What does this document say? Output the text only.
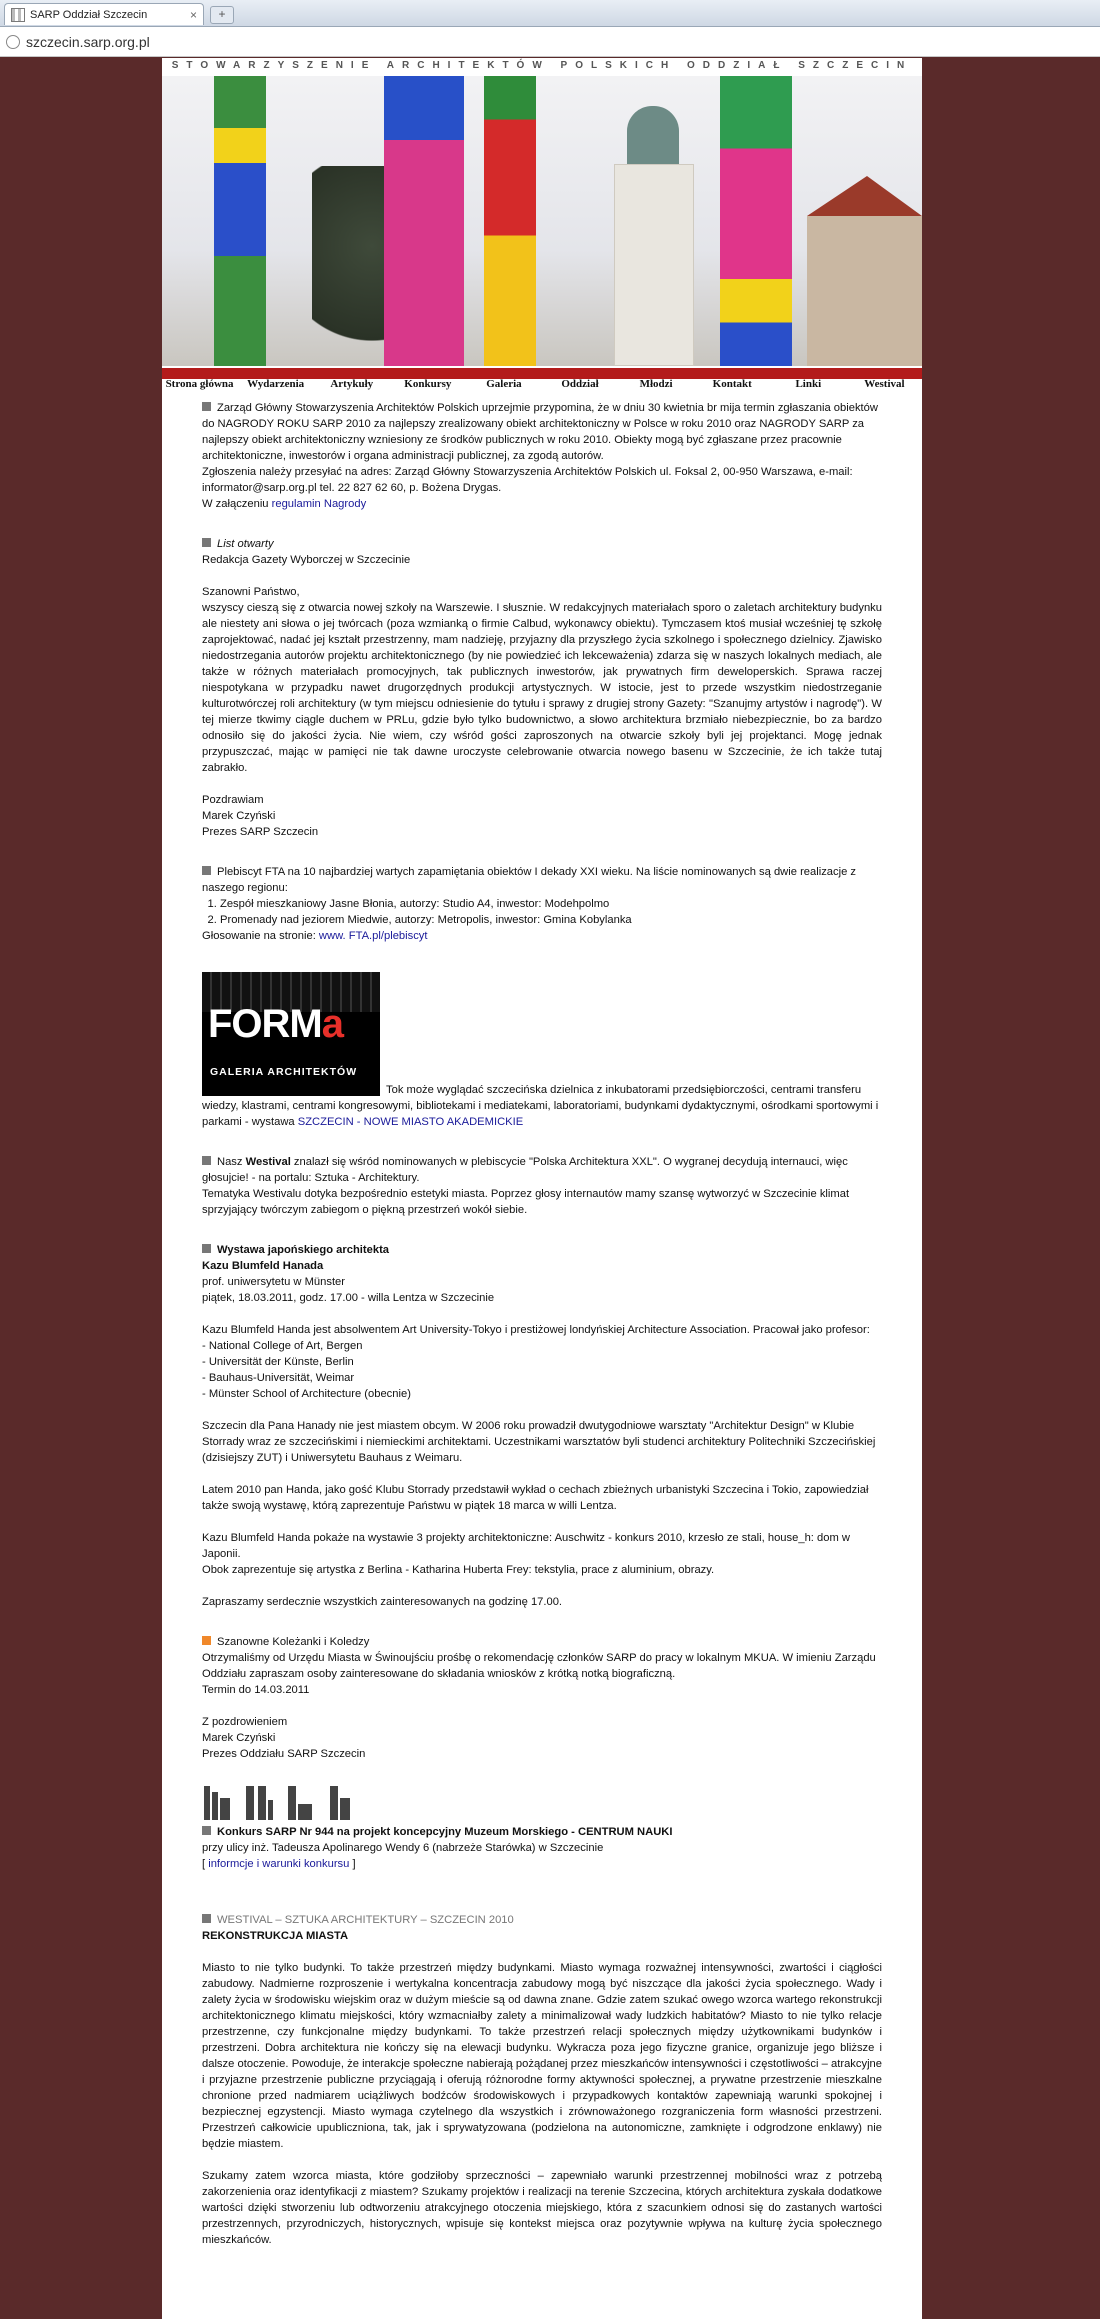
SARP Oddział Szczecin	×	+
szczecin.sarp.org.pl
STOWARZYSZENIE ARCHITEKTÓW POLSKICH ODDZIAŁ SZCZECIN
Strona główna	Wydarzenia	Artykuły	Konkursy	Galeria	Oddział	Młodzi	Kontakt	Linki	Westival

Zarząd Główny Stowarzyszenia Architektów Polskich uprzejmie przypomina, że w dniu 30 kwietnia br mija termin zgłaszania obiektów do NAGRODY ROKU SARP 2010 za najlepszy zrealizowany obiekt architektoniczny w Polsce w roku 2010 oraz NAGRODY SARP za najlepszy obiekt architektoniczny wzniesiony ze środków publicznych w roku 2010. Obiekty mogą być zgłaszane przez pracownie architektoniczne, inwestorów i organa administracji publicznej, za zgodą autorów.

Zgłoszenia należy przesyłać na adres: Zarząd Główny Stowarzyszenia Architektów Polskich ul. Foksal 2, 00-950 Warszawa, e-mail: informator@sarp.org.pl tel. 22 827 62 60, p. Bożena Drygas.

W załączeniu regulamin Nagrody

List otwarty

Redakcja Gazety Wyborczej w Szczecinie

Szanowni Państwo,

wszyscy cieszą się z otwarcia nowej szkoły na Warszewie. I słusznie. W redakcyjnych materiałach sporo o zaletach architektury budynku ale niestety ani słowa o jej twórcach (poza wzmianką o firmie Calbud, wykonawcy obiektu). Tymczasem ktoś musiał wcześniej tę szkołę zaprojektować, nadać jej kształt przestrzenny, mam nadzieję, przyjazny dla przyszłego życia szkolnego i społecznego dzielnicy. Zjawisko niedostrzegania autorów projektu architektonicznego (by nie powiedzieć ich lekceważenia) zdarza się w naszych lokalnych mediach, ale także w różnych materiałach promocyjnych, tak publicznych inwestorów, jak prywatnych firm deweloperskich. Sprawa raczej niespotykana w przypadku nawet drugorzędnych produkcji artystycznych. W istocie, jest to przede wszystkim niedostrzeganie kulturotwórczej roli architektury (w tym miejscu odniesienie do tytułu i sprawy z drugiej strony Gazety: "Szanujmy artystów i nagrodę"). W tej mierze tkwimy ciągle duchem w PRLu, gdzie było tylko budownictwo, a słowo architektura brzmiało niebezpiecznie, bo za bardzo odnosiło się do jakości życia. Nie wiem, czy wśród gości zaproszonych na otwarcie szkoły byli jej projektanci. Mogę jednak przypuszczać, mając w pamięci nie tak dawne uroczyste celebrowanie otwarcia nowego basenu w Szczecinie, że ich także tutaj zabrakło.

Pozdrawiam

Marek Czyński

Prezes SARP Szczecin

Plebiscyt FTA na 10 najbardziej wartych zapamiętania obiektów I dekady XXI wieku. Na liście nominowanych są dwie realizacje z naszego regionu:

1. Zespół mieszkaniowy Jasne Błonia, autorzy: Studio A4, inwestor: Modehpolmo
2. Promenady nad jeziorem Miedwie, autorzy: Metropolis, inwestor: Gmina Kobylanka

Głosowanie na stronie: www. FTA.pl/plebiscyt

FORMa
GALERIA ARCHITEKTÓW

Tok może wyglądać szczecińska dzielnica z inkubatorami przedsiębiorczości, centrami transferu wiedzy, klastrami, centrami kongresowymi, bibliotekami i mediatekami, laboratoriami, budynkami dydaktycznymi, ośrodkami sportowymi i parkami - wystawa SZCZECIN - NOWE MIASTO AKADEMICKIE

Nasz Westival znalazł się wśród nominowanych w plebiscycie "Polska Architektura XXL". O wygranej decydują internauci, więc głosujcie! - na portalu: Sztuka - Architektury.

Tematyka Westivalu dotyka bezpośrednio estetyki miasta. Poprzez głosy internautów mamy szansę wytworzyć w Szczecinie klimat sprzyjający twórczym zabiegom o piękną przestrzeń wokół siebie.

Wystawa japońskiego architekta

Kazu Blumfeld Hanada

prof. uniwersytetu w Münster

piątek, 18.03.2011, godz. 17.00 - willa Lentza w Szczecinie

Kazu Blumfeld Handa jest absolwentem Art University-Tokyo i prestiżowej londyńskiej Architecture Association. Pracował jako profesor:

- National College of Art, Bergen

- Universität der Künste, Berlin

- Bauhaus-Universität, Weimar

- Münster School of Architecture (obecnie)

Szczecin dla Pana Hanady nie jest miastem obcym. W 2006 roku prowadził dwutygodniowe warsztaty "Architektur Design" w Klubie Storrady wraz ze szczecińskimi i niemieckimi architektami. Uczestnikami warsztatów byli studenci architektury Politechniki Szczecińskiej (dzisiejszy ZUT) i Uniwersytetu Bauhaus z Weimaru.

Latem 2010 pan Handa, jako gość Klubu Storrady przedstawił wykład o cechach zbieżnych urbanistyki Szczecina i Tokio, zapowiedział także swoją wystawę, którą zaprezentuje Państwu w piątek 18 marca w willi Lentza.

Kazu Blumfeld Handa pokaże na wystawie 3 projekty architektoniczne: Auschwitz - konkurs 2010, krzesło ze stali, house_h: dom w Japonii.

Obok zaprezentuje się artystka z Berlina - Katharina Huberta Frey: tekstylia, prace z aluminium, obrazy.

Zapraszamy serdecznie wszystkich zainteresowanych na godzinę 17.00.

Szanowne Koleżanki i Koledzy

Otrzymaliśmy od Urzędu Miasta w Świnoujściu prośbę o rekomendację członków SARP do pracy w lokalnym MKUA. W imieniu Zarządu Oddziału zapraszam osoby zainteresowane do składania wniosków z krótką notką biograficzną.

Termin do 14.03.2011

Z pozdrowieniem

Marek Czyński

Prezes Oddziału SARP Szczecin

Konkurs SARP Nr 944 na projekt koncepcyjny Muzeum Morskiego - CENTRUM NAUKI

przy ulicy inż. Tadeusza Apolinarego Wendy 6 (nabrzeże Starówka) w Szczecinie

[ informcje i warunki konkursu ]

WESTIVAL – SZTUKA ARCHITEKTURY – SZCZECIN 2010

REKONSTRUKCJA MIASTA

Miasto to nie tylko budynki. To także przestrzeń między budynkami. Miasto wymaga rozważnej intensywności, zwartości i ciągłości zabudowy. Nadmierne rozproszenie i wertykalna koncentracja zabudowy mogą być niszczące dla jakości życia społecznego. Wady i zalety życia w środowisku wiejskim oraz w dużym mieście są od dawna znane. Gdzie zatem szukać owego wzorca wartego rekonstrukcji architektonicznego klimatu miejskości, który wzmacniałby zalety a minimalizował wady ludzkich habitatów? Miasto to nie tylko relacje przestrzenne, czy funkcjonalne między budynkami. To także przestrzeń relacji społecznych między użytkownikami budynków i przestrzeni. Dobra architektura nie kończy się na elewacji budynku. Wykracza poza jego fizyczne granice, organizuje jego bliższe i dalsze otoczenie. Powoduje, że interakcje społeczne nabierają pożądanej przez mieszkańców intensywności i częstotliwości – atrakcyjne i przyjazne przestrzenie publiczne przyciągają i oferują różnorodne formy aktywności społecznej, a prywatne przestrzenie mieszkalne chronione przed nadmiarem uciążliwych bodźców środowiskowych i przypadkowych kontaktów zapewniają warunki spokojnej i bezpiecznej egzystencji. Miasto wymaga czytelnego dla wszystkich i zrównoważonego rozgraniczenia form własności przestrzeni. Przestrzeń całkowicie upubliczniona, tak, jak i sprywatyzowana (podzielona na autonomiczne, zamknięte i odgrodzone enklawy) nie będzie miastem.

Szukamy zatem wzorca miasta, które godziłoby sprzeczności – zapewniało warunki przestrzennej mobilności wraz z potrzebą zakorzenienia oraz identyfikacji z miastem? Szukamy projektów i realizacji na terenie Szczecina, których architektura zyskała dodatkowe wartości dzięki stworzeniu lub odtworzeniu atrakcyjnego otoczenia miejskiego, która z szacunkiem odnosi się do zastanych wartości przestrzennych, przyrodniczych, historycznych, wpisuje się kontekst miejsca oraz pozytywnie wpływa na kulturę życia społecznego mieszkańców.
